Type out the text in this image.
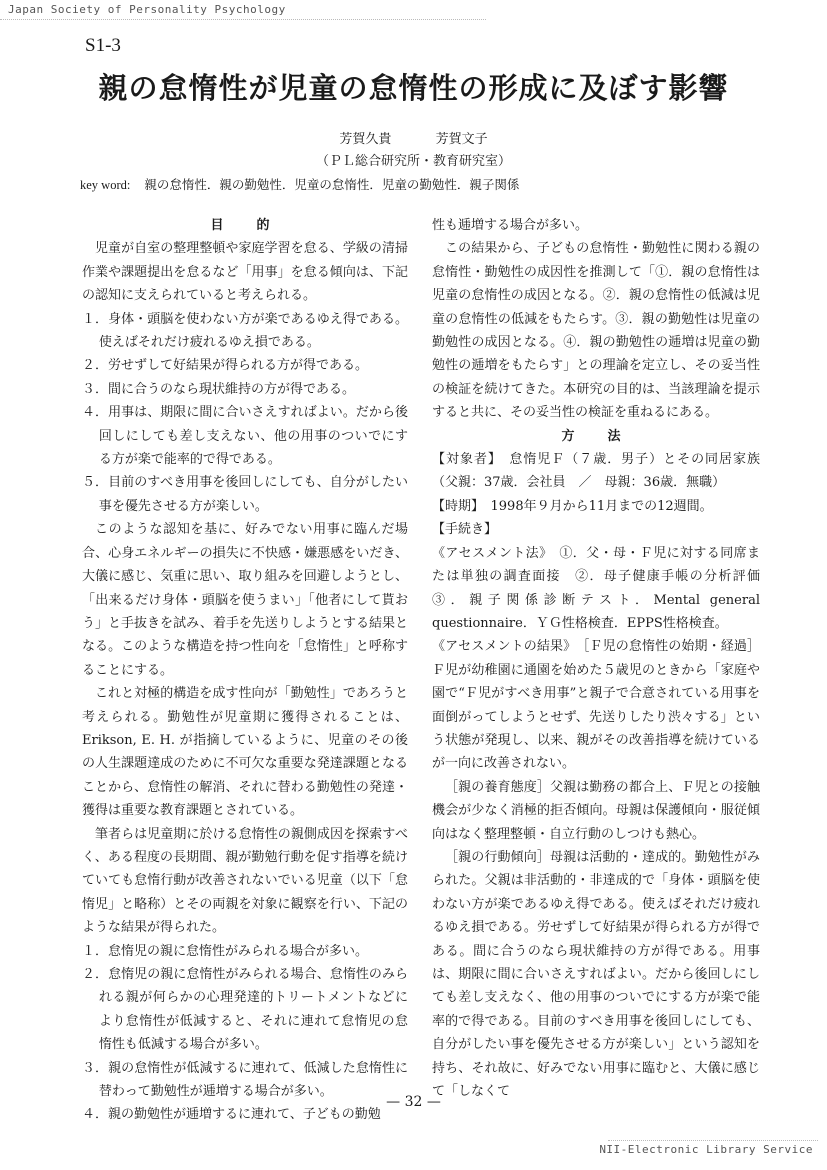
Japan Society of Personality Psychology
S1-3
親の怠惰性が児童の怠惰性の形成に及ぼす影響
芳賀久貴	芳賀文子
（ＰＬ総合研究所・教育研究室）
key word: 親の怠惰性．親の勤勉性．児童の怠惰性．児童の勤勉性．親子関係

目　的

児童が自室の整理整頓や家庭学習を怠る、学級の清掃作業や課題提出を怠るなど「用事」を怠る傾向は、下記の認知に支えられていると考えられる。

１．身体・頭脳を使わない方が楽であるゆえ得である。使えばそれだけ疲れるゆえ損である。

２．労せずして好結果が得られる方が得である。

３．間に合うのなら現状維持の方が得である。

４．用事は、期限に間に合いさえすればよい。だから後回しにしても差し支えない、他の用事のついでにする方が楽で能率的で得である。

５．目前のすべき用事を後回しにしても、自分がしたい事を優先させる方が楽しい。

このような認知を基に、好みでない用事に臨んだ場合、心身エネルギーの損失に不快感・嫌悪感をいだき、大儀に感じ、気重に思い、取り組みを回避しようとし、「出来るだけ身体・頭脳を使うまい」「他者にして貰おう」と手抜きを試み、着手を先送りしようとする結果となる。このような構造を持つ性向を「怠惰性」と呼称することにする。

これと対極的構造を成す性向が「勤勉性」であろうと考えられる。勤勉性が児童期に獲得されることは、Erikson, E. H. が指摘しているように、児童のその後の人生課題達成のために不可欠な重要な発達課題となることから、怠惰性の解消、それに替わる勤勉性の発達・獲得は重要な教育課題とされている。

筆者らは児童期に於ける怠惰性の親側成因を探索すべく、ある程度の長期間、親が勤勉行動を促す指導を続けていても怠惰行動が改善されないでいる児童（以下「怠惰児」と略称）とその両親を対象に観察を行い、下記のような結果が得られた。

１．怠惰児の親に怠惰性がみられる場合が多い。

２．怠惰児の親に怠惰性がみられる場合、怠惰性のみられる親が何らかの心理発達的トリートメントなどにより怠惰性が低減すると、それに連れて怠惰児の怠惰性も低減する場合が多い。

３．親の怠惰性が低減するに連れて、低減した怠惰性に替わって勤勉性が逓増する場合が多い。

４．親の勤勉性が逓増するに連れて、子どもの勤勉

性も逓増する場合が多い。

この結果から、子どもの怠惰性・勤勉性に関わる親の怠惰性・勤勉性の成因性を推測して「①．親の怠惰性は児童の怠惰性の成因となる。②．親の怠惰性の低減は児童の怠惰性の低減をもたらす。③．親の勤勉性は児童の勤勉性の成因となる。④．親の勤勉性の逓増は児童の勤勉性の逓増をもたらす」との理論を定立し、その妥当性の検証を続けてきた。本研究の目的は、当該理論を提示すると共に、その妥当性の検証を重ねるにある。

方　法

【対象者】　怠惰児Ｆ（７歳．男子）とその同居家族（父親：37歳．会社員　／　母親：36歳．無職）

【時期】　1998年９月から11月までの12週間。

【手続き】

《アセスメント法》　①．父・母・Ｆ児に対する同席または単独の調査面接　②．母子健康手帳の分析評価　③．親子関係診断テスト．Mental general questionnaire．ＹＧ性格検査．EPPS性格検査。

《アセスメントの結果》　［Ｆ児の怠惰性の始期・経過］Ｆ児が幼稚園に通園を始めた５歳児のときから「家庭や園で“Ｆ児がすべき用事”と親子で合意されている用事を面倒がってしようとせず、先送りしたり渋々する」という状態が発現し、以来、親がその改善指導を続けているが一向に改善されない。

［親の養育態度］父親は勤務の都合上、Ｆ児との接触機会が少なく消極的拒否傾向。母親は保護傾向・服従傾向はなく整理整頓・自立行動のしつけも熱心。

［親の行動傾向］母親は活動的・達成的。勤勉性がみられた。父親は非活動的・非達成的で「身体・頭脳を使わない方が楽であるゆえ得である。使えばそれだけ疲れるゆえ損である。労せずして好結果が得られる方が得である。間に合うのなら現状維持の方が得である。用事は、期限に間に合いさえすればよい。だから後回しにしても差し支えなく、他の用事のついでにする方が楽で能率的で得である。目前のすべき用事を後回しにしても、自分がしたい事を優先させる方が楽しい」という認知を持ち、それ故に、好みでない用事に臨むと、大儀に感じて「しなくて

— 32 —
NII-Electronic Library Service
